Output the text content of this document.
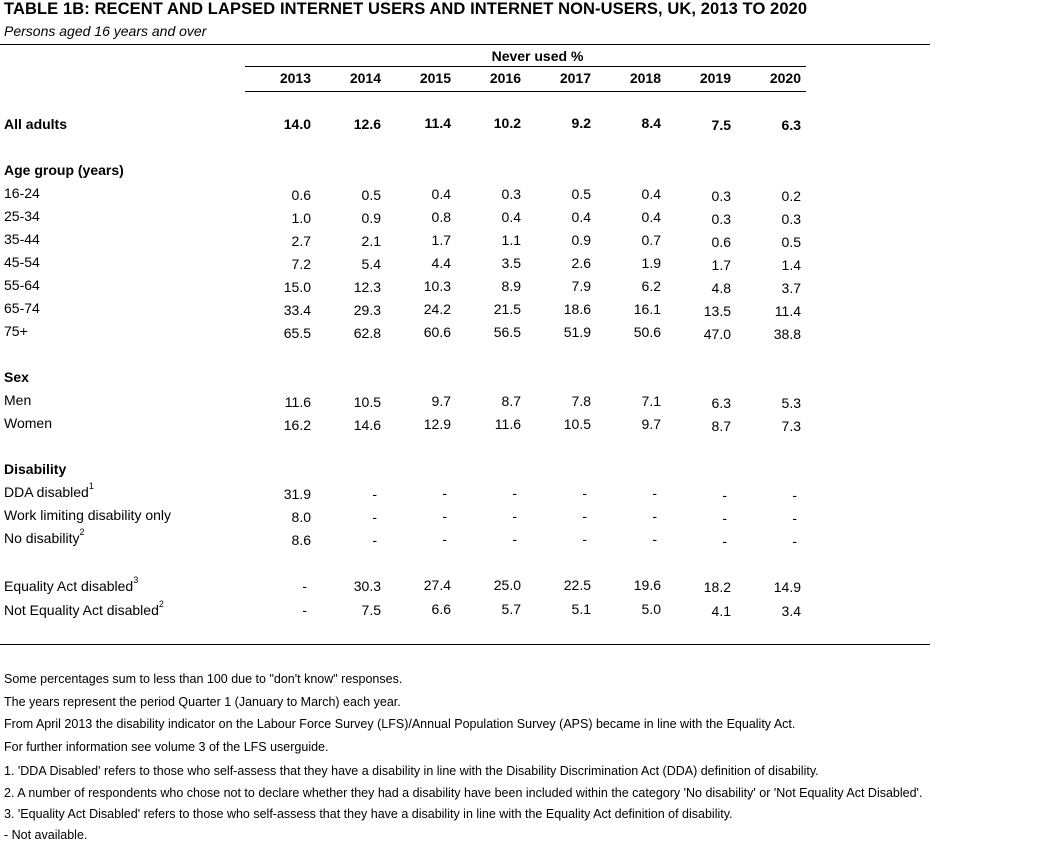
TABLE 1B: RECENT AND LAPSED INTERNET USERS AND INTERNET NON-USERS, UK, 2013 TO 2020
Persons aged 16 years and over
Never used %
2013	2014	2015	2016	2017	2018	2019	2020
All adults	14.0	12.6	11.4	10.2	9.2	8.4	7.5	6.3
Age group (years)
16-24	0.6	0.5	0.4	0.3	0.5	0.4	0.3	0.2
25-34	1.0	0.9	0.8	0.4	0.4	0.4	0.3	0.3
35-44	2.7	2.1	1.7	1.1	0.9	0.7	0.6	0.5
45-54	7.2	5.4	4.4	3.5	2.6	1.9	1.7	1.4
55-64	15.0	12.3	10.3	8.9	7.9	6.2	4.8	3.7
65-74	33.4	29.3	24.2	21.5	18.6	16.1	13.5	11.4
75+	65.5	62.8	60.6	56.5	51.9	50.6	47.0	38.8
Sex
Men	11.6	10.5	9.7	8.7	7.8	7.1	6.3	5.3
Women	16.2	14.6	12.9	11.6	10.5	9.7	8.7	7.3
Disability
DDA disabled$^1$	31.9	-	-	-	-	-	-	-
Work limiting disability only	8.0	-	-	-	-	-	-	-
No disability$^2$	8.6	-	-	-	-	-	-	-
Equality Act disabled$^3$	-	30.3	27.4	25.0	22.5	19.6	18.2	14.9
Not Equality Act disabled$^2$	-	7.5	6.6	5.7	5.1	5.0	4.1	3.4
Some percentages sum to less than 100 due to "don't know" responses.
The years represent the period Quarter 1 (January to March) each year.
From April 2013 the disability indicator on the Labour Force Survey (LFS)/Annual Population Survey (APS) became in line with the Equality Act.
For further information see volume 3 of the LFS userguide.
1. 'DDA Disabled' refers to those who self-assess that they have a disability in line with the Disability Discrimination Act (DDA) definition of disability.
2. A number of respondents who chose not to declare whether they had a disability have been included within the category 'No disability' or 'Not Equality Act Disabled'.
3. 'Equality Act Disabled' refers to those who self-assess that they have a disability in line with the Equality Act definition of disability.
- Not available.
